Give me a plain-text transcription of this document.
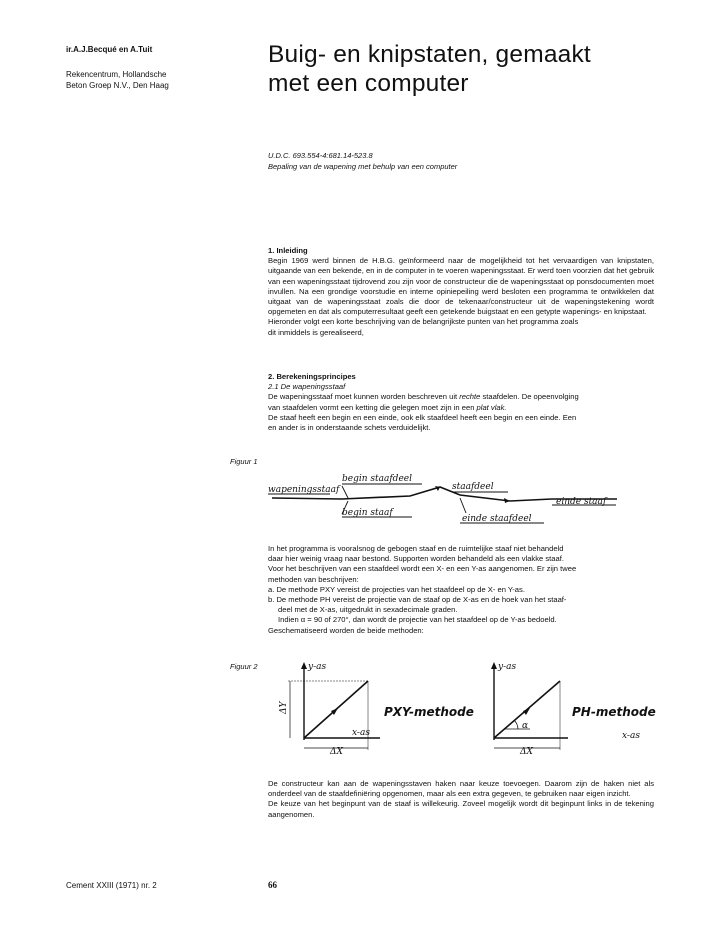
ir.A.J.Becqué en A.Tuit
Rekencentrum, Hollandsche
Beton Groep N.V., Den Haag
Buig- en knipstaten, gemaakt
met een computer
U.D.C. 693.554-4:681.14-523.8
Bepaling van de wapening met behulp van een computer

1. Inleiding

Begin 1969 werd binnen de H.B.G. geïnformeerd naar de mogelijkheid tot het vervaardigen van knipstaten, uitgaande van een bekende, en in de computer in te voeren wapeningsstaat. Er werd toen voorzien dat het gebruik van een wapeningsstaat tijdrovend zou zijn voor de constructeur die de wapeningsstaat op ponsdocumenten moet invullen. Na een grondige voorstudie en interne opiniepeiling werd besloten een programma te ontwikkelen dat uitgaat van de wapeningsstaat zoals die door de tekenaar/constructeur uit de wapeningstekening wordt opgemeten en dat als computerresultaat geeft een getekende buigstaat en een getypte wapenings- en knipstaat.

Hieronder volgt een korte beschrijving van de belangrijkste punten van het programma zoals

dit inmiddels is gerealiseerd,

2. Berekeningsprincipes

2.1 De wapeningsstaaf

De wapeningsstaaf moet kunnen worden beschreven uit rechte staafdelen. De opeenvolging

van staafdelen vormt een ketting die gelegen moet zijn in een plat vlak.

De staaf heeft een begin en een einde, ook elk staafdeel heeft een begin en een einde. Een

en ander is in onderstaande schets verduidelijkt.

Figuur 1
begin staafdeel
staafdeel
wapeningsstaaf
einde staaf
begin staaf
einde staafdeel

In het programma is vooralsnog de gebogen staaf en de ruimtelijke staaf niet behandeld

daar hier weinig vraag naar bestond. Supporten worden behandeld als een vlakke staaf.

Voor het beschrijven van een staafdeel wordt een X- en een Y-as aangenomen. Er zijn twee

methoden van beschrijven:

a. De methode PXY vereist de projecties van het staafdeel op de X- en Y-as.

b. De methode PH vereist de projectie van de staaf op de X-as en de hoek van het staaf-

deel met de X-as, uitgedrukt in sexadecimale graden.

Indien α = 90 of 270°, dan wordt de projectie van het staafdeel op de Y-as bedoeld.

Geschematiseerd worden de beide methoden:

Figuur 2	y-as
ΔY
ΔX
x-as
PXY-methode
y-as
α
ΔX
x-as
PH-methode

De constructeur kan aan de wapeningsstaven haken naar keuze toevoegen. Daarom zijn de haken niet als onderdeel van de staafdefiniëring opgenomen, maar als een extra gegeven, te gebruiken naar eigen inzicht.

De keuze van het beginpunt van de staaf is willekeurig. Zoveel mogelijk wordt dit beginpunt links in de tekening aangenomen.

Cement XXIII (1971) nr. 2	66
